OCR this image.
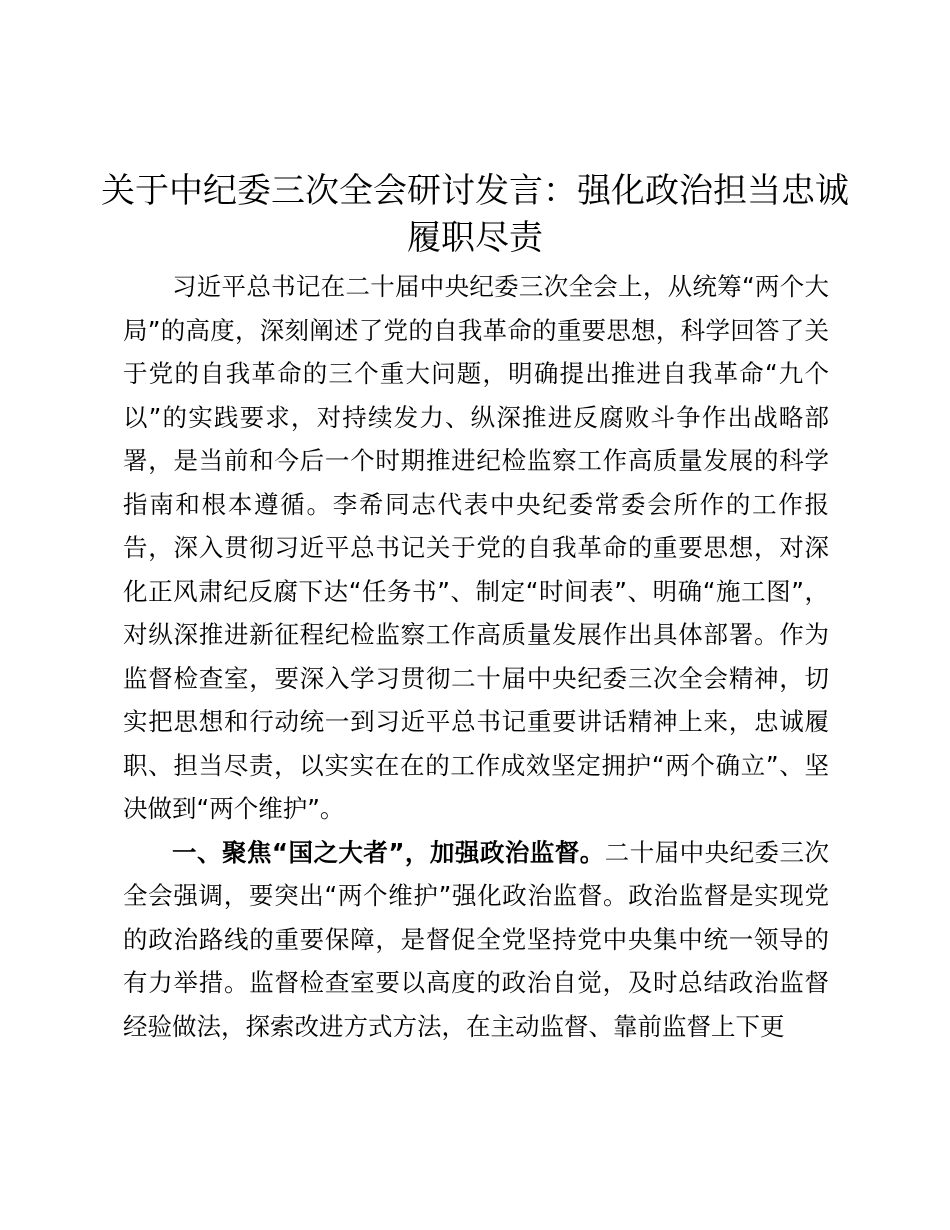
关于中纪委三次全会研讨发言：强化政治担当忠诚履职尽责

习近平总书记在二十届中央纪委三次全会上，从统筹“两个大局”的高度，深刻阐述了党的自我革命的重要思想，科学回答了关于党的自我革命的三个重大问题，明确提出推进自我革命“九个以”的实践要求，对持续发力、纵深推进反腐败斗争作出战略部署，是当前和今后一个时期推进纪检监察工作高质量发展的科学指南和根本遵循。李希同志代表中央纪委常委会所作的工作报告，深入贯彻习近平总书记关于党的自我革命的重要思想，对深化正风肃纪反腐下达“任务书”、制定“时间表”、明确“施工图”，对纵深推进新征程纪检监察工作高质量发展作出具体部署。作为监督检查室，要深入学习贯彻二十届中央纪委三次全会精神，切实把思想和行动统一到习近平总书记重要讲话精神上来，忠诚履职、担当尽责，以实实在在的工作成效坚定拥护“两个确立”、坚决做到“两个维护”。

一、聚焦“国之大者”，加强政治监督。二十届中央纪委三次全会强调，要突出“两个维护”强化政治监督。政治监督是实现党的政治路线的重要保障，是督促全党坚持党中央集中统一领导的有力举措。监督检查室要以高度的政治自觉，及时总结政治监督经验做法，探索改进方式方法，在主动监督、靠前监督上下更
